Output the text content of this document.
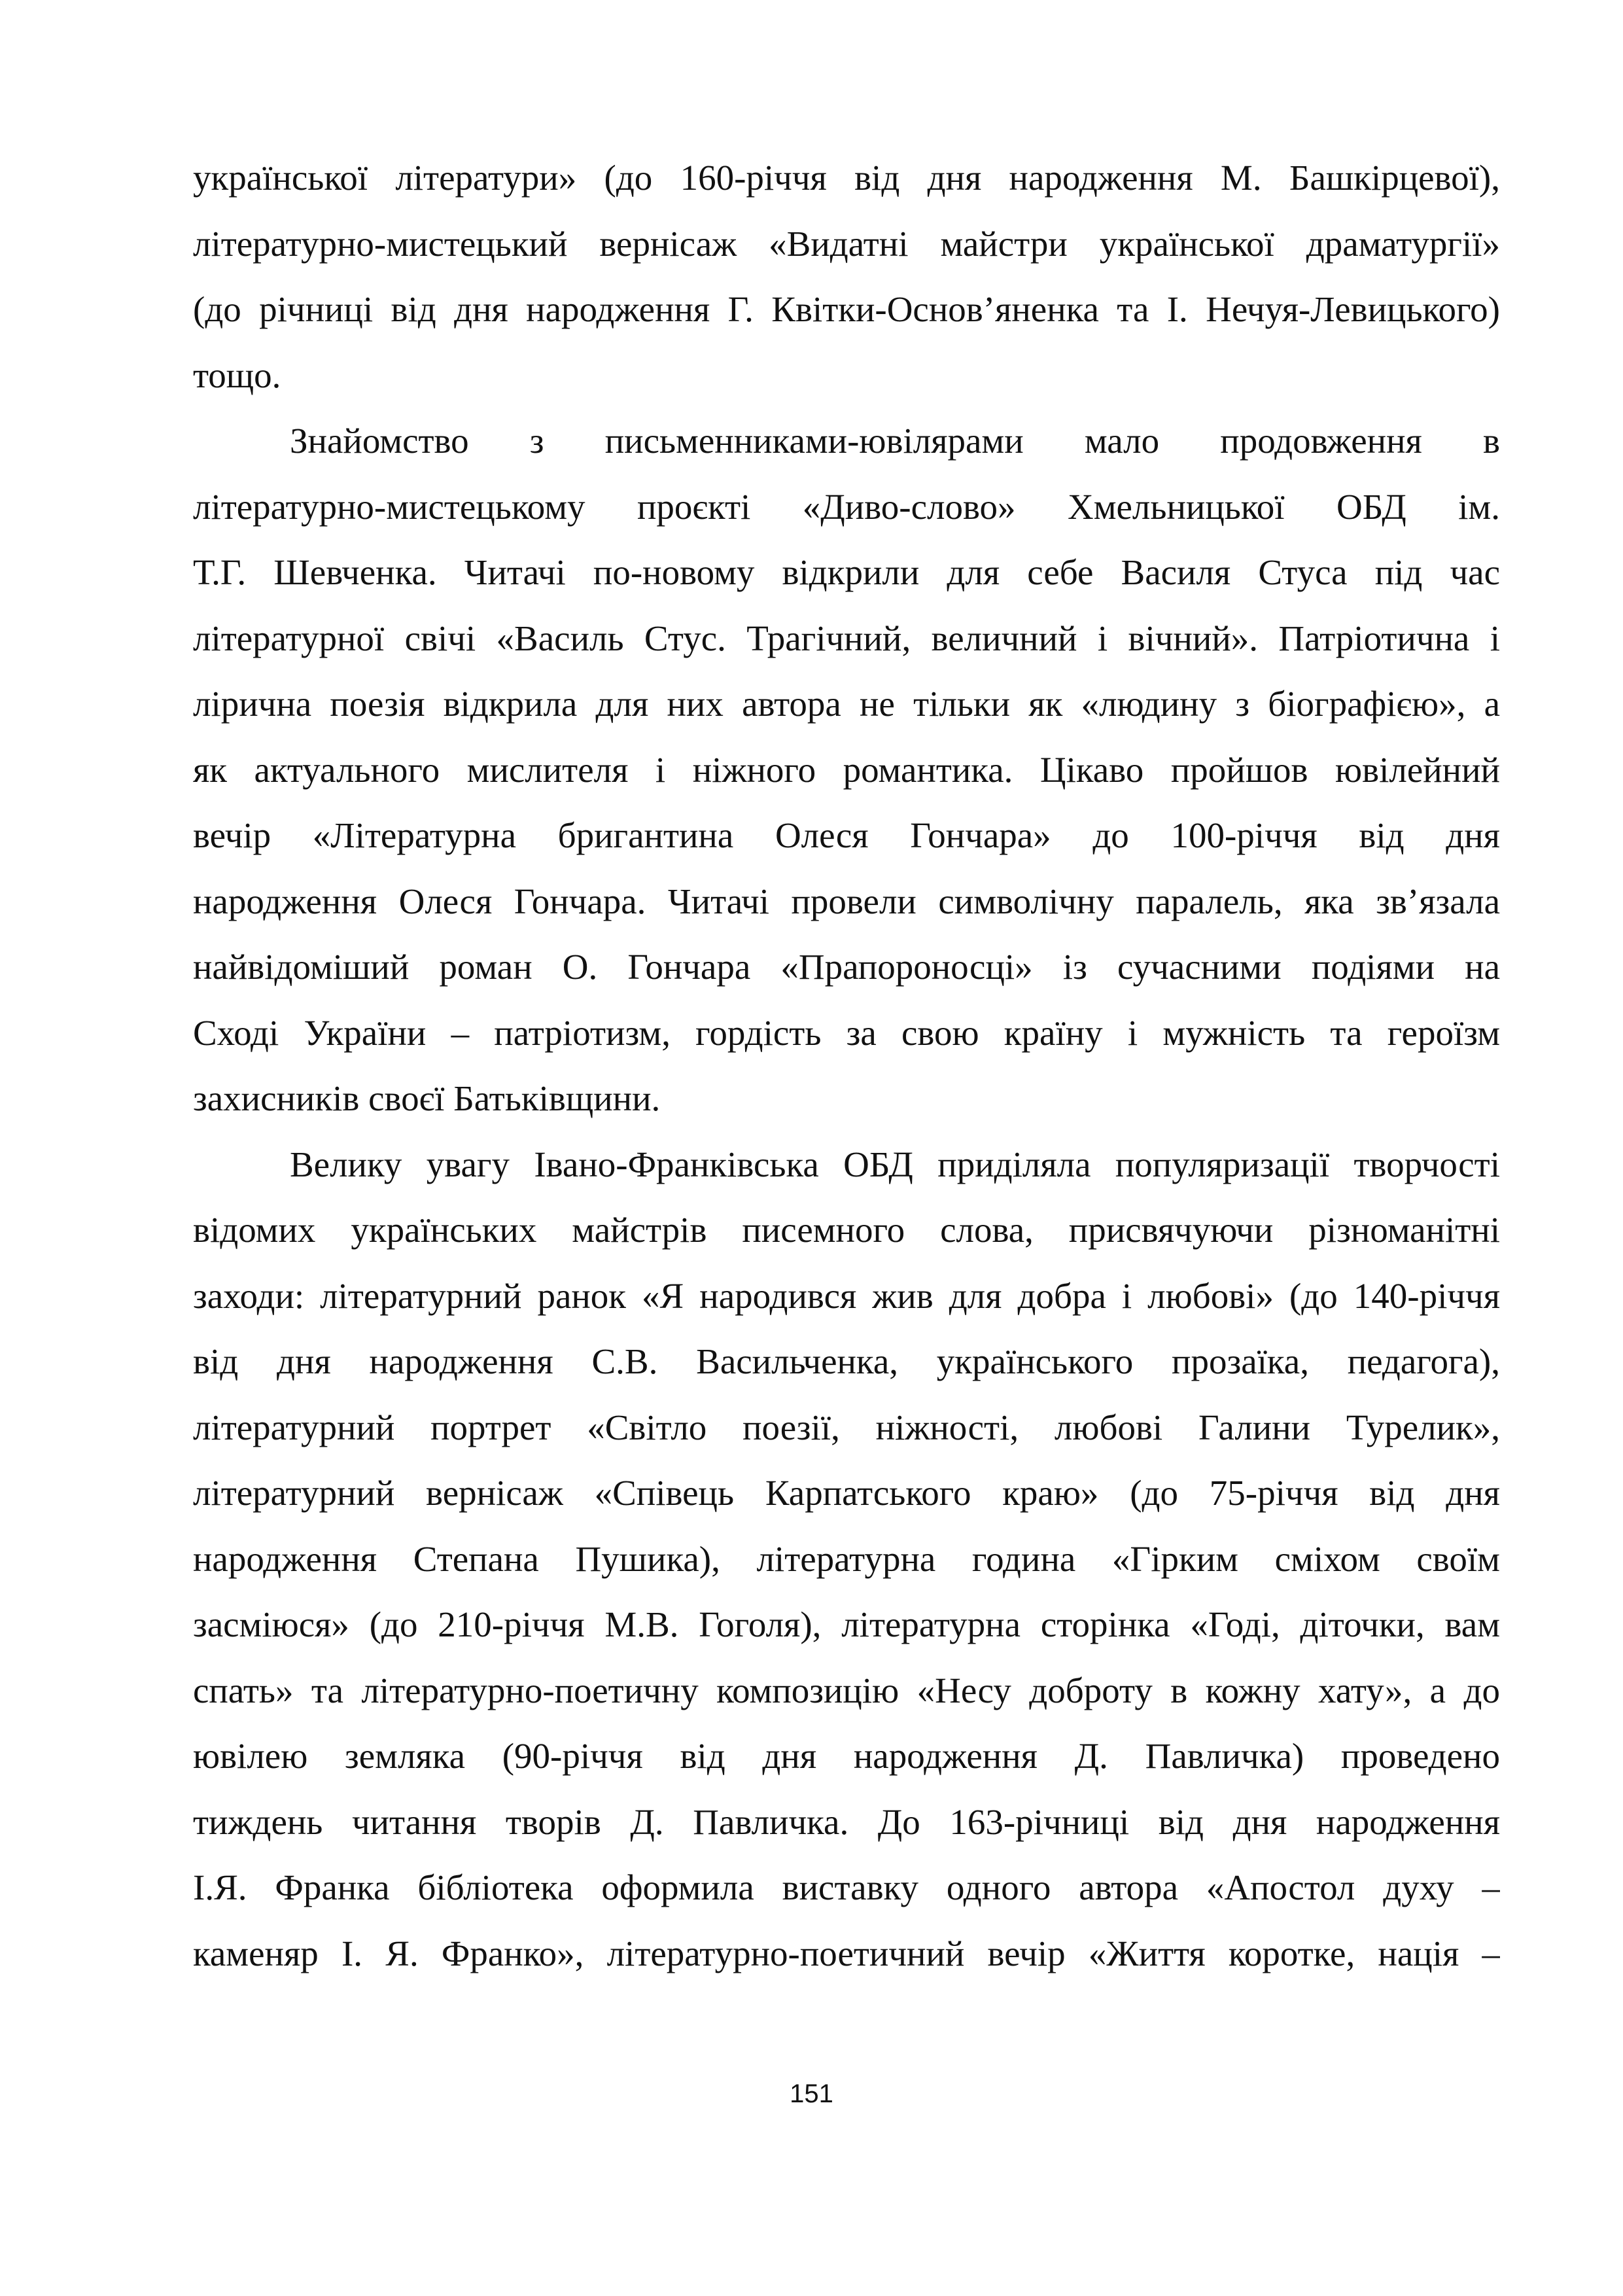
української літератури» (до 160-річчя від дня народження М. Башкірцевої),
літературно-мистецький вернісаж «Видатні майстри української драматургії»
(до річниці від дня народження Г. Квітки-Основ’яненка та І. Нечуя-Левицького)
тощо.
Знайомство з письменниками-ювілярами мало продовження в
літературно-мистецькому проєкті «Диво-слово» Хмельницької ОБД ім.
Т.Г. Шевченка. Читачі по-новому відкрили для себе Василя Стуса під час
літературної свічі «Василь Стус. Трагічний, величний і вічний». Патріотична і
лірична поезія відкрила для них автора не тільки як «людину з біографією», а
як актуального мислителя і ніжного романтика. Цікаво пройшов ювілейний
вечір «Літературна бригантина Олеся Гончара» до 100-річчя від дня
народження Олеся Гончара. Читачі провели символічну паралель, яка зв’язала
найвідоміший роман О. Гончара «Прапороносці» із сучасними подіями на
Сході України – патріотизм, гордість за свою країну і мужність та героїзм
захисників своєї Батьківщини.
Велику увагу Івано-Франківська ОБД приділяла популяризації творчості
відомих українських майстрів писемного слова, присвячуючи різноманітні
заходи: літературний ранок «Я народився жив для добра і любові» (до 140-річчя
від дня народження С.В. Васильченка, українського прозаїка, педагога),
літературний портрет «Світло поезії, ніжності, любові Галини Турелик»,
літературний вернісаж «Співець Карпатського краю» (до 75-річчя від дня
народження Степана Пушика), літературна година «Гірким сміхом своїм
засміюся» (до 210-річчя М.В. Гоголя), літературна сторінка «Годі, діточки, вам
спать» та літературно-поетичну композицію «Несу доброту в кожну хату», а до
ювілею земляка (90-річчя від дня народження Д. Павличка) проведено
тиждень читання творів Д. Павличка. До 163-річниці від дня народження
І.Я. Франка бібліотека оформила виставку одного автора «Апостол духу –
каменяр І. Я. Франко», літературно-поетичний вечір «Життя коротке, нація –
151
